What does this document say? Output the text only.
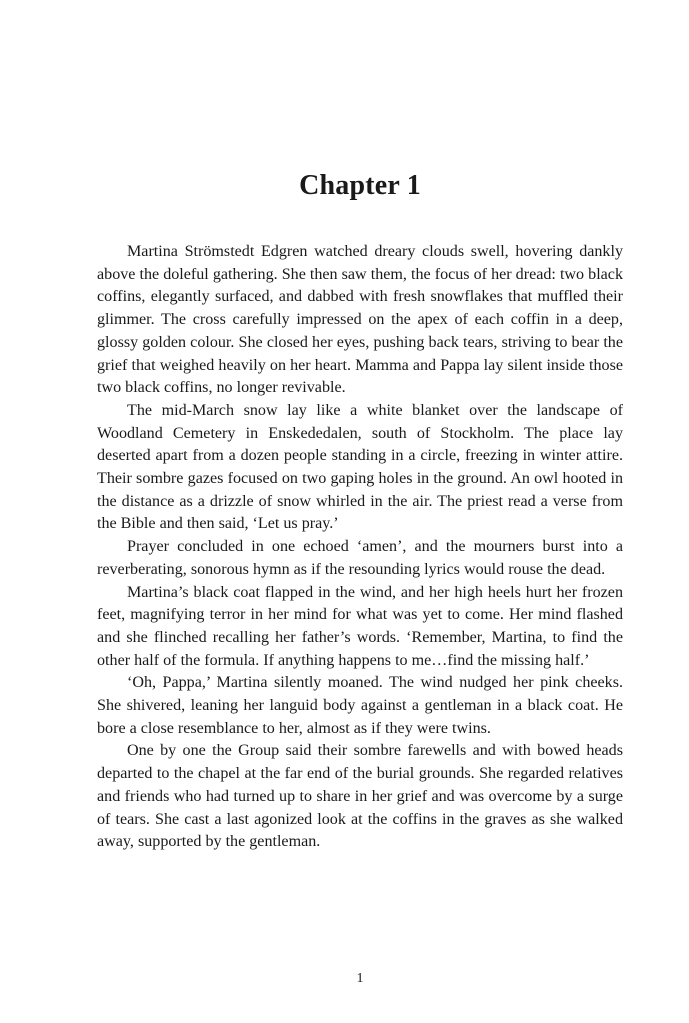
Chapter 1

Martina Strömstedt Edgren watched dreary clouds swell, hovering dankly above the doleful gathering. She then saw them, the focus of her dread: two black coffins, elegantly surfaced, and dabbed with fresh snowflakes that muffled their glimmer. The cross carefully impressed on the apex of each coffin in a deep, glossy golden colour. She closed her eyes, pushing back tears, striving to bear the grief that weighed heavily on her heart. Mamma and Pappa lay silent inside those two black coffins, no longer revivable.

The mid-March snow lay like a white blanket over the landscape of Woodland Cemetery in Enskededalen, south of Stockholm. The place lay deserted apart from a dozen people standing in a circle, freezing in winter attire. Their sombre gazes focused on two gaping holes in the ground. An owl hooted in the distance as a drizzle of snow whirled in the air. The priest read a verse from the Bible and then said, ‘Let us pray.’

Prayer concluded in one echoed ‘amen’, and the mourners burst into a reverberating, sonorous hymn as if the resounding lyrics would rouse the dead.

Martina’s black coat flapped in the wind, and her high heels hurt her frozen feet, magnifying terror in her mind for what was yet to come. Her mind flashed and she flinched recalling her father’s words. ‘Remember, Martina, to find the other half of the formula. If anything happens to me…find the missing half.’

‘Oh, Pappa,’ Martina silently moaned. The wind nudged her pink cheeks. She shivered, leaning her languid body against a gentleman in a black coat. He bore a close resemblance to her, almost as if they were twins.

One by one the Group said their sombre farewells and with bowed heads departed to the chapel at the far end of the burial grounds. She regarded relatives and friends who had turned up to share in her grief and was overcome by a surge of tears. She cast a last agonized look at the coffins in the graves as she walked away, supported by the gentleman.

1
